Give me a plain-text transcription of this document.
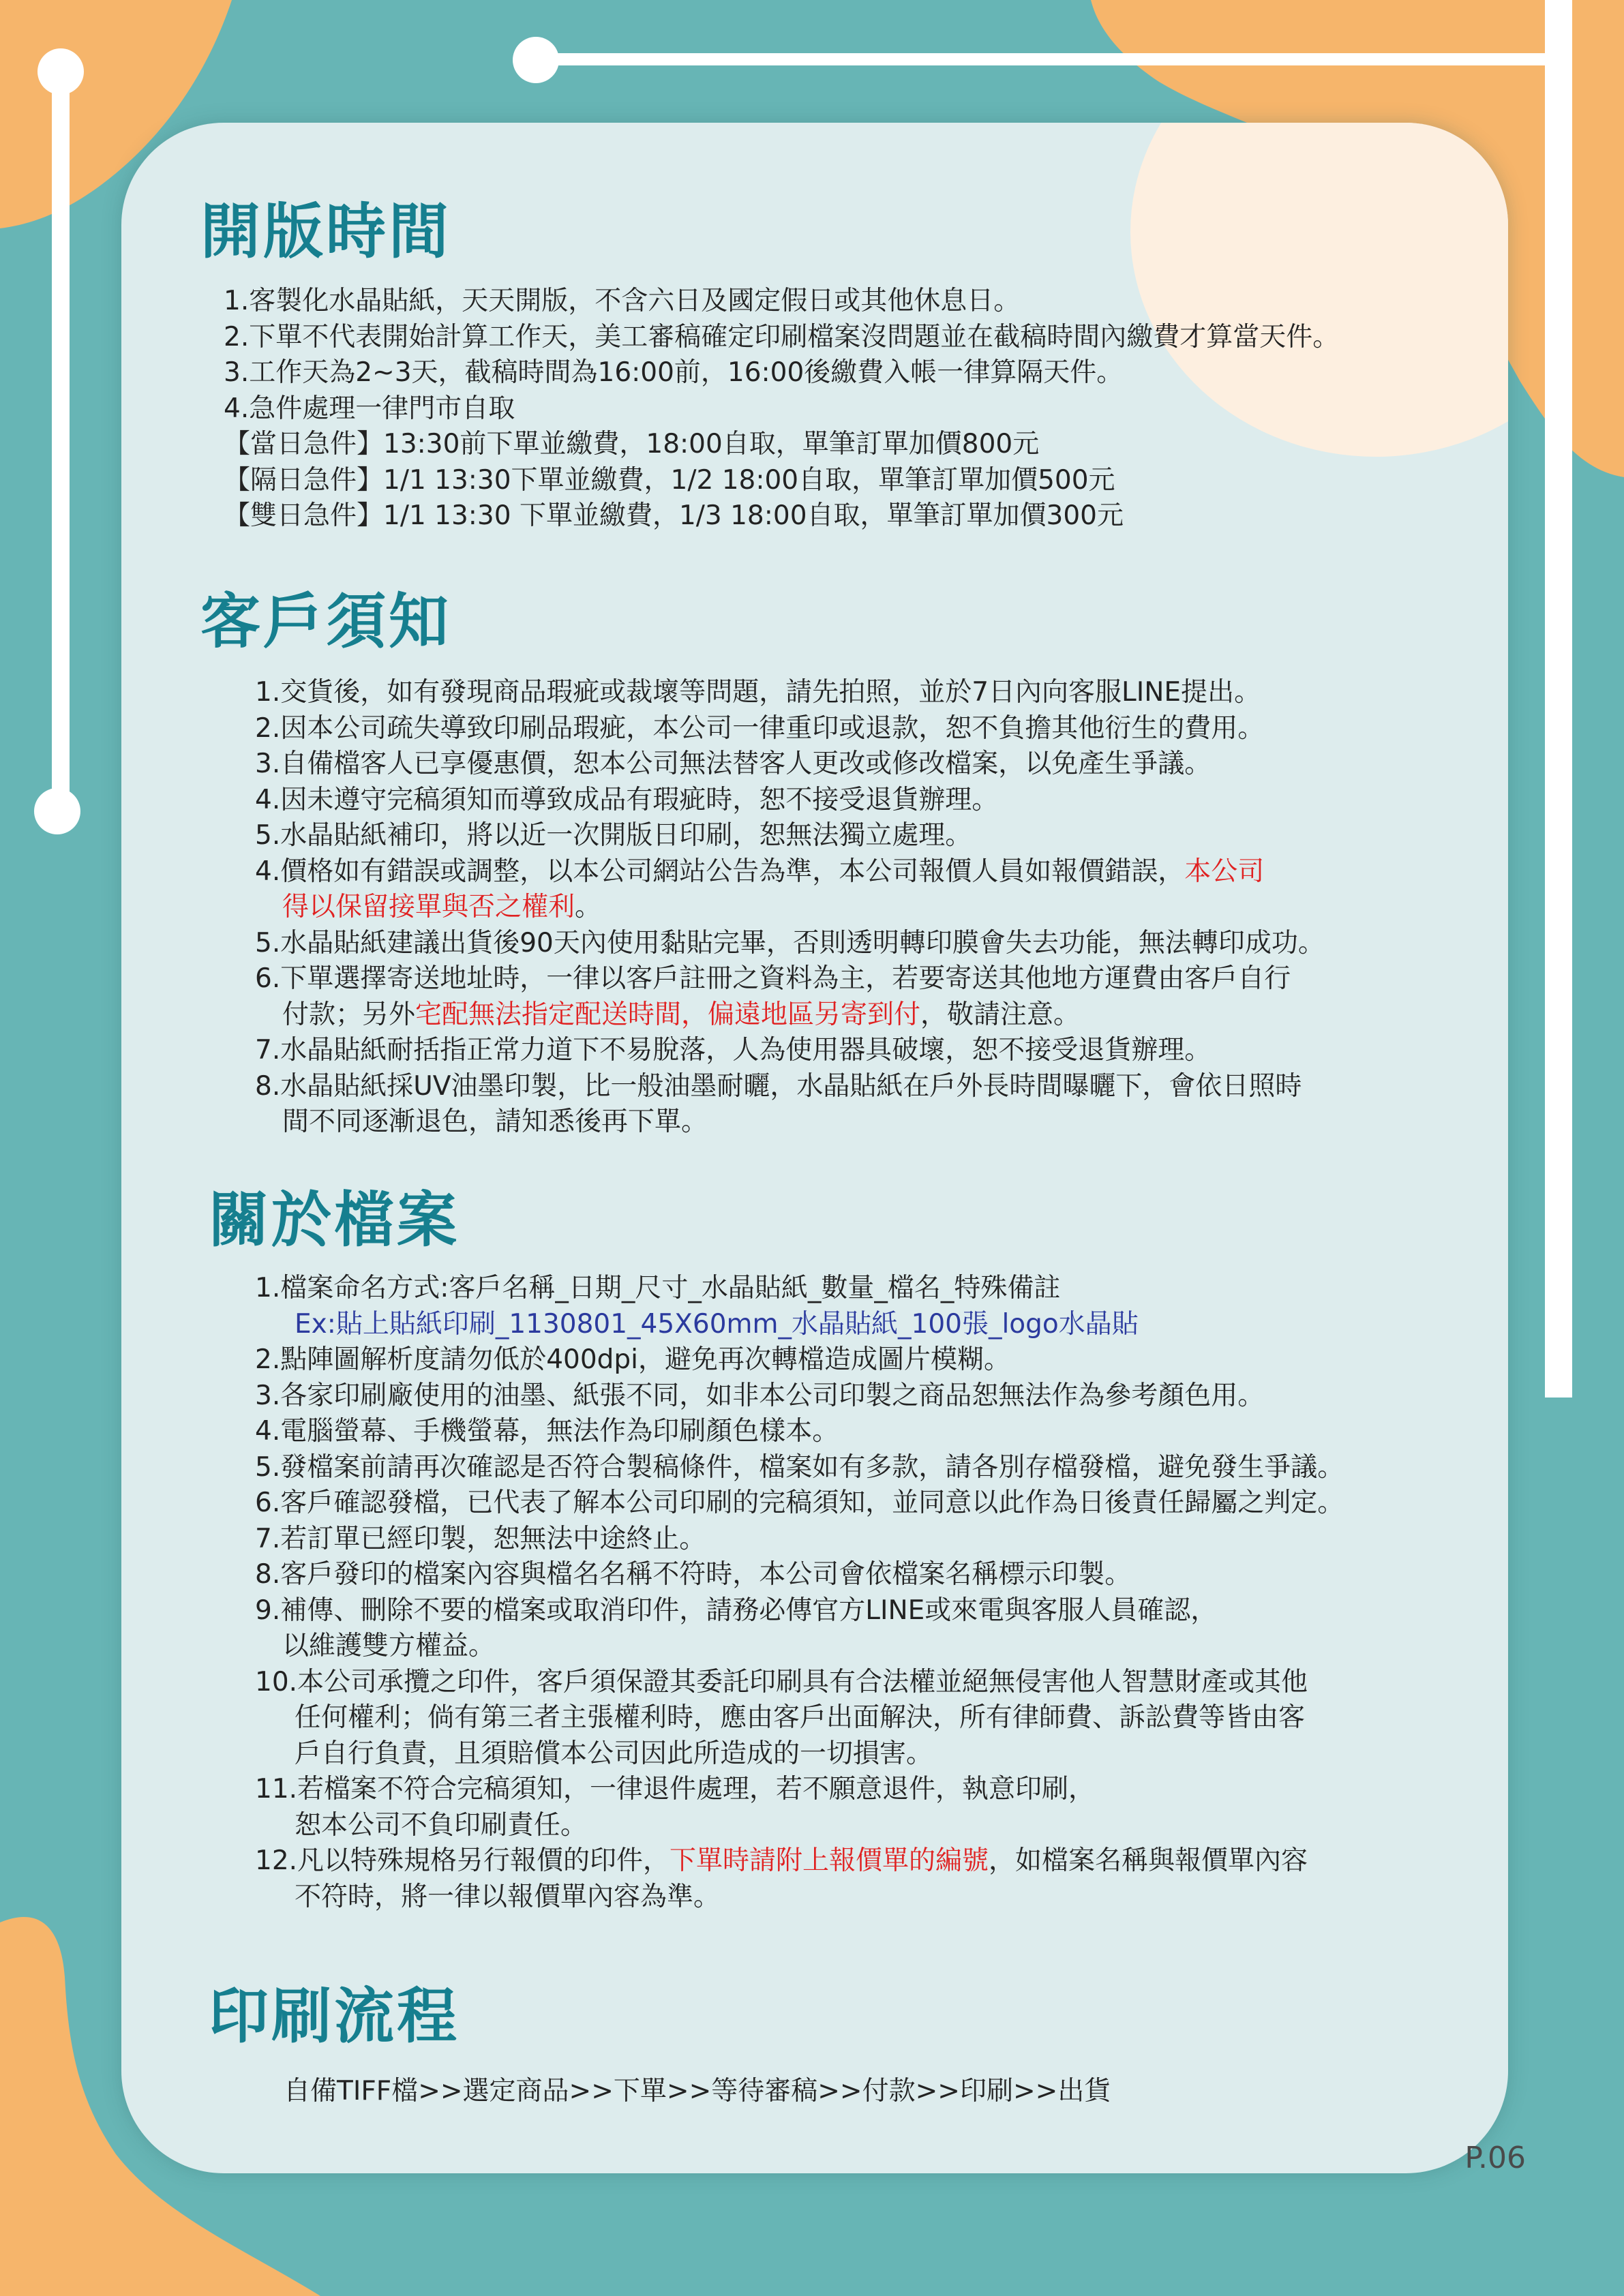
開版時間
1.客製化水晶貼紙，天天開版，不含六日及國定假日或其他休息日。
2.下單不代表開始計算工作天，美工審稿確定印刷檔案沒問題並在截稿時間內繳費才算當天件。
3.工作天為2~3天，截稿時間為16:00前，16:00後繳費入帳一律算隔天件。
4.急件處理一律門市自取
【當日急件】13:30前下單並繳費，18:00自取，單筆訂單加價800元
【隔日急件】1/1 13:30下單並繳費，1/2 18:00自取，單筆訂單加價500元
【雙日急件】1/1 13:30 下單並繳費，1/3 18:00自取，單筆訂單加價300元
客戶須知
1.交貨後，如有發現商品瑕疵或裁壞等問題，請先拍照，並於7日內向客服LINE提出。
2.因本公司疏失導致印刷品瑕疵，本公司一律重印或退款，恕不負擔其他衍生的費用。
3.自備檔客人已享優惠價，恕本公司無法替客人更改或修改檔案，以免產生爭議。
4.因未遵守完稿須知而導致成品有瑕疵時，恕不接受退貨辦理。
5.水晶貼紙補印，將以近一次開版日印刷，恕無法獨立處理。
4.價格如有錯誤或調整，以本公司網站公告為準，本公司報價人員如報價錯誤，本公司
得以保留接單與否之權利。
5.水晶貼紙建議出貨後90天內使用黏貼完畢，否則透明轉印膜會失去功能，無法轉印成功。
6.下單選擇寄送地址時，一律以客戶註冊之資料為主，若要寄送其他地方運費由客戶自行
付款；另外宅配無法指定配送時間，偏遠地區另寄到付，敬請注意。
7.水晶貼紙耐括指正常力道下不易脫落，人為使用器具破壞，恕不接受退貨辦理。
8.水晶貼紙採UV油墨印製，比一般油墨耐曬，水晶貼紙在戶外長時間曝曬下，會依日照時
間不同逐漸退色，請知悉後再下單。
關於檔案
1.檔案命名方式:客戶名稱_日期_尺寸_水晶貼紙_數量_檔名_特殊備註
Ex:貼上貼紙印刷_1130801_45X60mm_水晶貼紙_100張_logo水晶貼
2.點陣圖解析度請勿低於400dpi，避免再次轉檔造成圖片模糊。
3.各家印刷廠使用的油墨、紙張不同，如非本公司印製之商品恕無法作為參考顏色用。
4.電腦螢幕、手機螢幕，無法作為印刷顏色樣本。
5.發檔案前請再次確認是否符合製稿條件，檔案如有多款，請各別存檔發檔，避免發生爭議。
6.客戶確認發檔，已代表了解本公司印刷的完稿須知，並同意以此作為日後責任歸屬之判定。
7.若訂單已經印製，恕無法中途終止。
8.客戶發印的檔案內容與檔名名稱不符時，本公司會依檔案名稱標示印製。
9.補傳、刪除不要的檔案或取消印件，請務必傳官方LINE或來電與客服人員確認，
以維護雙方權益。
10.本公司承攬之印件，客戶須保證其委託印刷具有合法權並絕無侵害他人智慧財產或其他
任何權利；倘有第三者主張權利時，應由客戶出面解決，所有律師費、訴訟費等皆由客
戶自行負責，且須賠償本公司因此所造成的一切損害。
11.若檔案不符合完稿須知，一律退件處理，若不願意退件，執意印刷，
恕本公司不負印刷責任。
12.凡以特殊規格另行報價的印件，下單時請附上報價單的編號，如檔案名稱與報價單內容
不符時，將一律以報價單內容為準。
印刷流程
自備TIFF檔>>選定商品>>下單>>等待審稿>>付款>>印刷>>出貨
P.06
